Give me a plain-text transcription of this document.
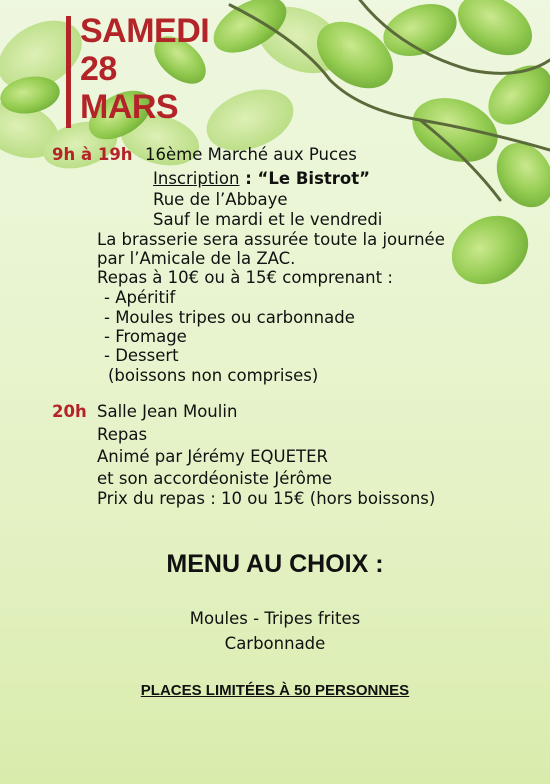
SAMEDI
28
MARS
9h à 19h 16ème Marché aux Puces
Inscription : “Le Bistrot”
Rue de l’Abbaye
Sauf le mardi et le vendredi
La brasserie sera assurée toute la journée
par l’Amicale de la ZAC.
Repas à 10€ ou à 15€ comprenant :
- Apéritif
- Moules tripes ou carbonnade
- Fromage
- Dessert
(boissons non comprises)
20h Salle Jean Moulin
Repas
Animé par Jérémy EQUETER
et son accordéoniste Jérôme
Prix du repas : 10 ou 15€ (hors boissons)
MENU AU CHOIX :
Moules - Tripes frites
Carbonnade
PLACES LIMITÉES À 50 PERSONNES
